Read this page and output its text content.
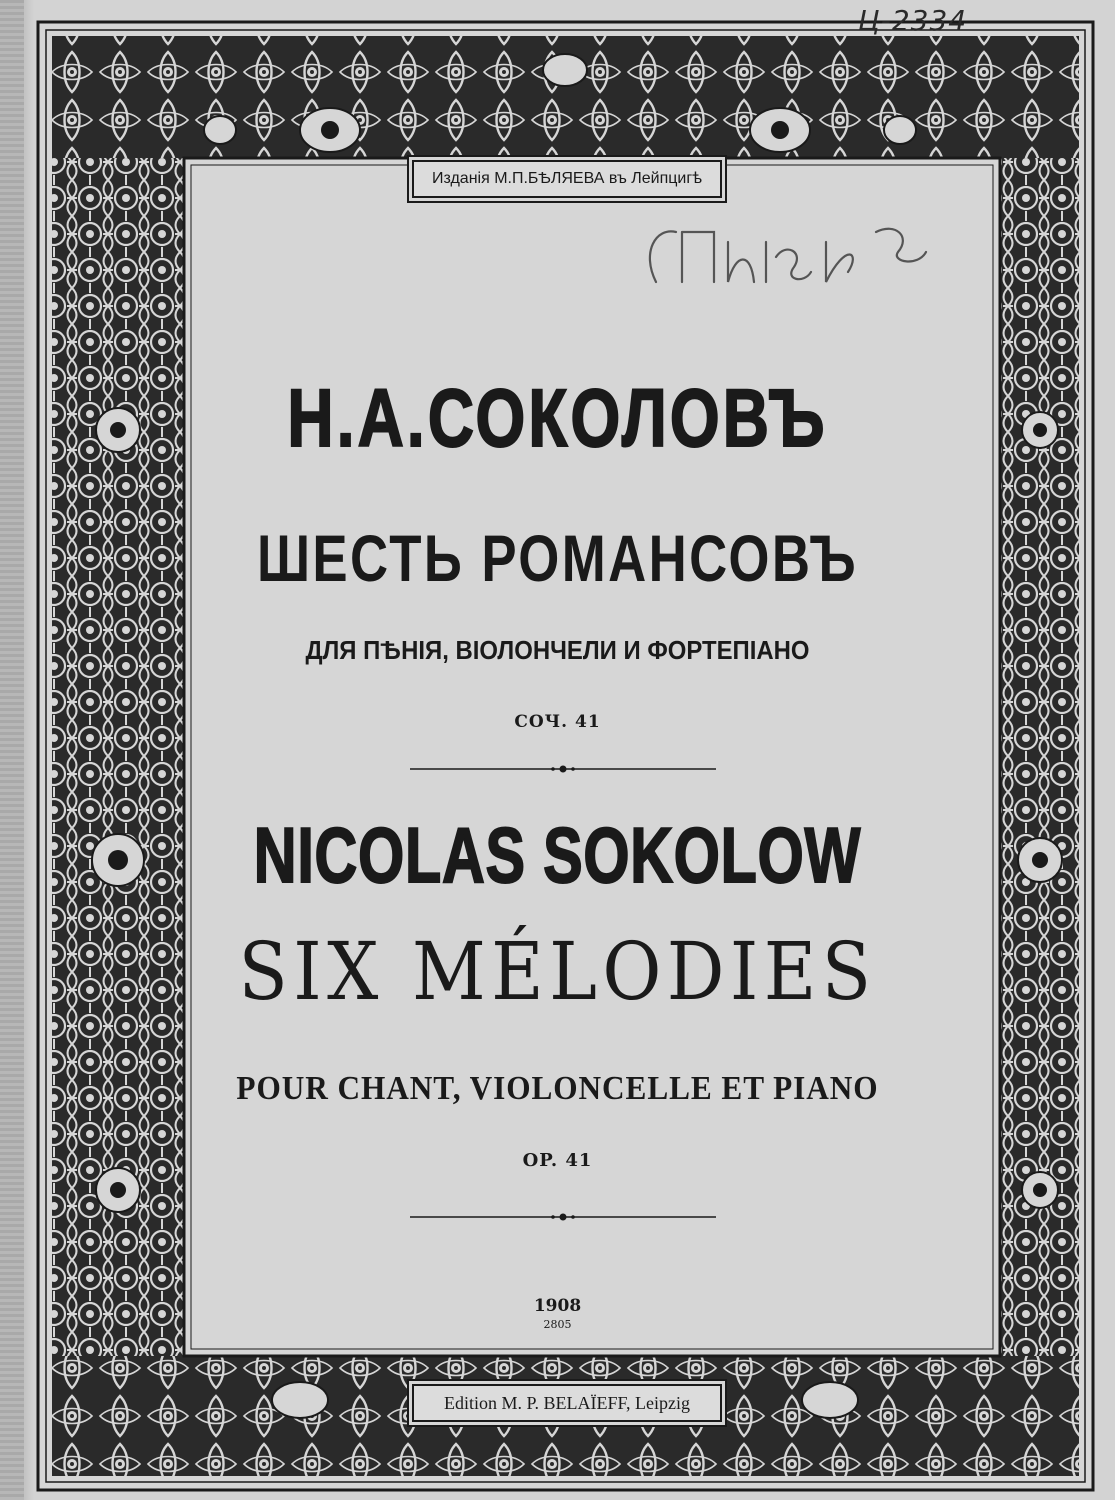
Ц-2334
Изданія М.П.БѢЛЯЕВА въ Лейпцигѣ
Н.А.СОКОЛОВЪ
ШЕСТЬ РОМАНСОВЪ
ДЛЯ ПѢНІЯ, ВІОЛОНЧЕЛИ И ФОРТЕПІАНО
СОЧ. 41
NICOLAS SOKOLOW
SIX MÉLODIES
POUR CHANT, VIOLONCELLE ET PIANO
OP. 41
1908
2805
Edition M. P. BELAÏEFF, Leipzig
